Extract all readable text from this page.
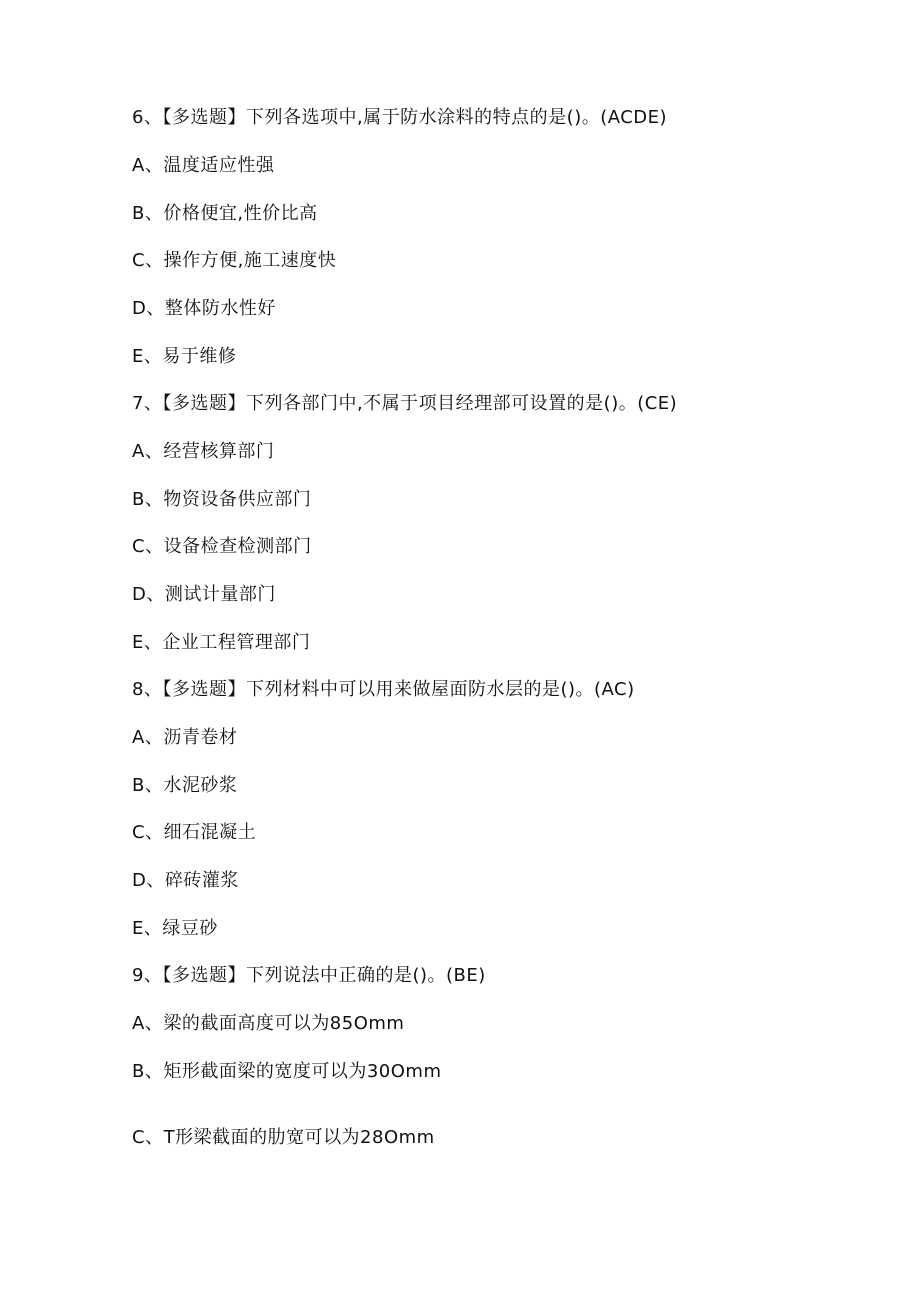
6、【多选题】下列各选项中,属于防水涂料的特点的是()。(ACDE)
A、温度适应性强
B、价格便宜,性价比高
C、操作方便,施工速度快
D、整体防水性好
E、易于维修
7、【多选题】下列各部门中,不属于项目经理部可设置的是()。(CE)
A、经营核算部门
B、物资设备供应部门
C、设备检查检测部门
D、测试计量部门
E、企业工程管理部门
8、【多选题】下列材料中可以用来做屋面防水层的是()。(AC)
A、沥青卷材
B、水泥砂浆
C、细石混凝土
D、碎砖灌浆
E、绿豆砂
9、【多选题】下列说法中正确的是()。(BE)
A、梁的截面高度可以为85Omm
B、矩形截面梁的宽度可以为30Omm
C、T形梁截面的肋宽可以为28Omm
